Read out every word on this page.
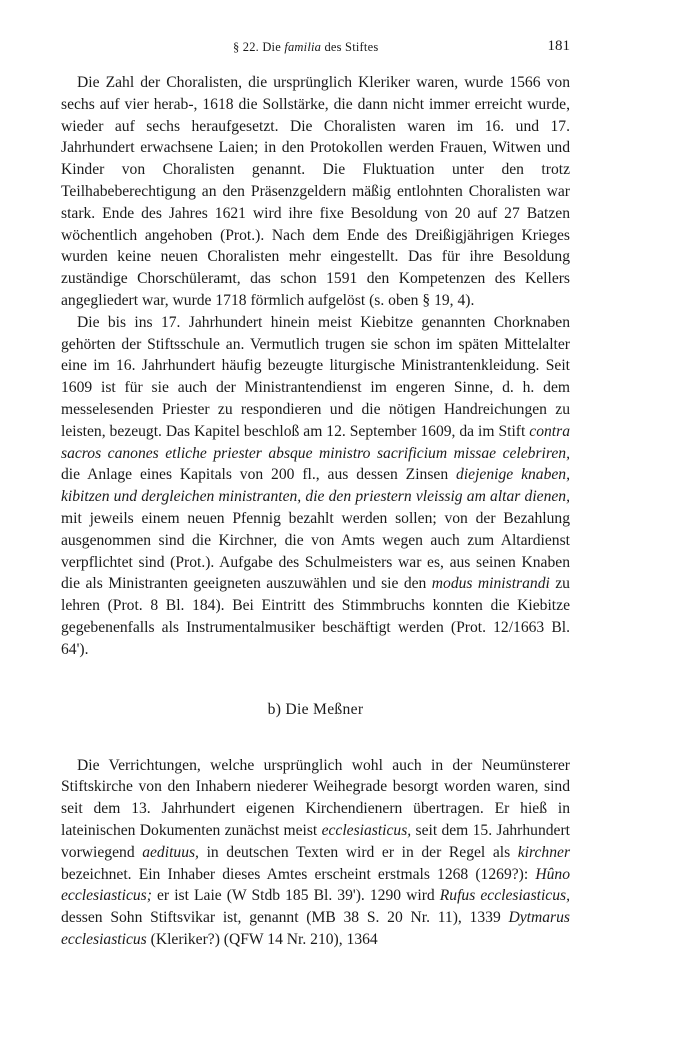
§ 22. Die familia des Stiftes	181

Die Zahl der Choralisten, die ursprünglich Kleriker waren, wurde 1566 von sechs auf vier herab-, 1618 die Sollstärke, die dann nicht immer erreicht wurde, wieder auf sechs heraufgesetzt. Die Choralisten waren im 16. und 17. Jahrhundert erwachsene Laien; in den Protokollen werden Frauen, Witwen und Kinder von Choralisten genannt. Die Fluktuation unter den trotz Teilhabeberechtigung an den Präsenzgeldern mäßig entlohnten Choralisten war stark. Ende des Jahres 1621 wird ihre fixe Besoldung von 20 auf 27 Batzen wöchentlich angehoben (Prot.). Nach dem Ende des Dreißigjährigen Krieges wurden keine neuen Choralisten mehr eingestellt. Das für ihre Besoldung zuständige Chorschüleramt, das schon 1591 den Kompetenzen des Kellers angegliedert war, wurde 1718 förmlich aufgelöst (s. oben § 19, 4).

Die bis ins 17. Jahrhundert hinein meist Kiebitze genannten Chorknaben gehörten der Stiftsschule an. Vermutlich trugen sie schon im späten Mittelalter eine im 16. Jahrhundert häufig bezeugte liturgische Ministrantenkleidung. Seit 1609 ist für sie auch der Ministrantendienst im engeren Sinne, d. h. dem messelesenden Priester zu respondieren und die nötigen Handreichungen zu leisten, bezeugt. Das Kapitel beschloß am 12. September 1609, da im Stift contra sacros canones etliche priester absque ministro sacrificium missae celebriren, die Anlage eines Kapitals von 200 fl., aus dessen Zinsen diejenige knaben, kibitzen und dergleichen ministranten, die den priestern vleissig am altar dienen, mit jeweils einem neuen Pfennig bezahlt werden sollen; von der Bezahlung ausgenommen sind die Kirchner, die von Amts wegen auch zum Altardienst verpflichtet sind (Prot.). Aufgabe des Schulmeisters war es, aus seinen Knaben die als Ministranten geeigneten auszuwählen und sie den modus ministrandi zu lehren (Prot. 8 Bl. 184). Bei Eintritt des Stimmbruchs konnten die Kiebitze gegebenenfalls als Instrumentalmusiker beschäftigt werden (Prot. 12/1663 Bl. 64').

b) Die Meßner

Die Verrichtungen, welche ursprünglich wohl auch in der Neumünsterer Stiftskirche von den Inhabern niederer Weihegrade besorgt worden waren, sind seit dem 13. Jahrhundert eigenen Kirchendienern übertragen. Er hieß in lateinischen Dokumenten zunächst meist ecclesiasticus, seit dem 15. Jahrhundert vorwiegend aedituus, in deutschen Texten wird er in der Regel als kirchner bezeichnet. Ein Inhaber dieses Amtes erscheint erstmals 1268 (1269?): Hûno ecclesiasticus; er ist Laie (W Stdb 185 Bl. 39'). 1290 wird Rufus ecclesiasticus, dessen Sohn Stiftsvikar ist, genannt (MB 38 S. 20 Nr. 11), 1339 Dytmarus ecclesiasticus (Kleriker?) (QFW 14 Nr. 210), 1364
